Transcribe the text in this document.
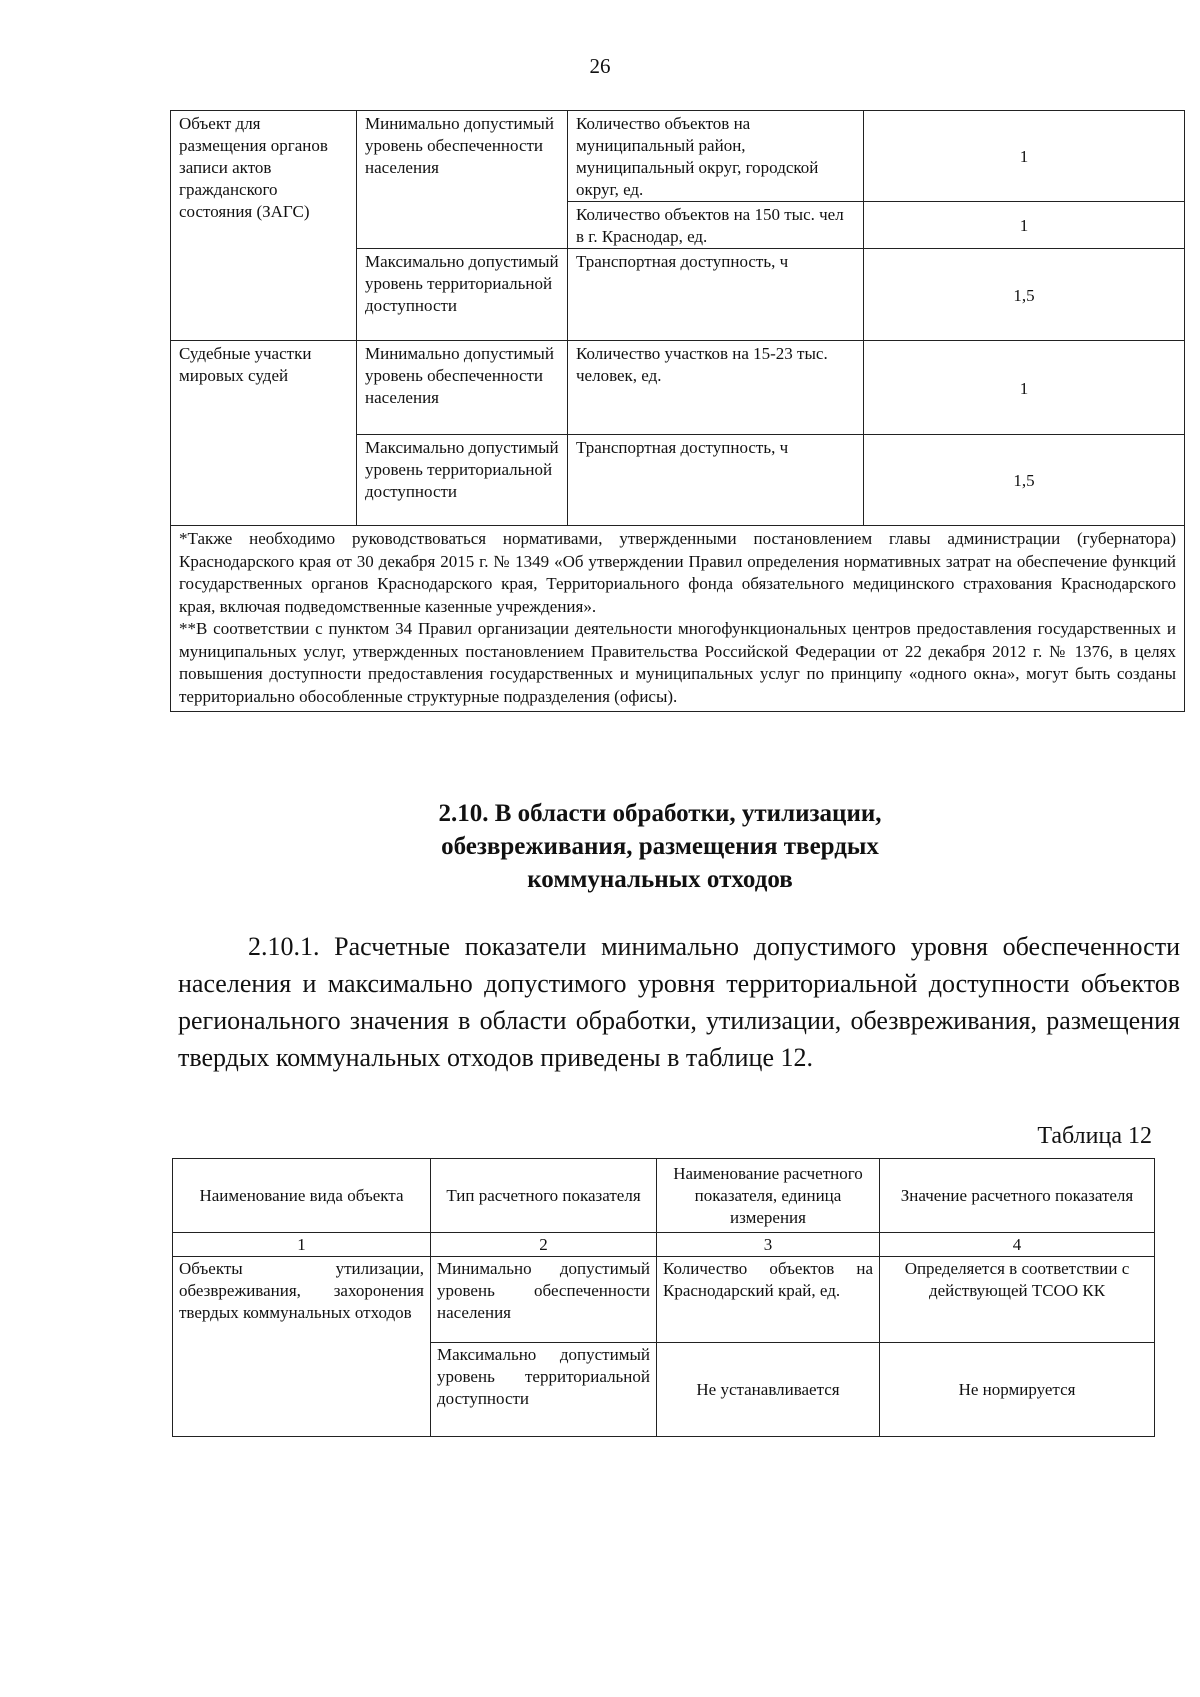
26
Объект для размещения органов записи актов гражданского состояния (ЗАГС)	Минимально допустимый уровень обеспеченности населения	Количество объектов на муниципальный район, муниципальный округ, городской округ, ед.	1
		Количество объектов на 150 тыс. чел в г. Краснодар, ед.	1
	Максимально допустимый уровень территориальной доступности	Транспортная доступность, ч	1,5
Судебные участки мировых судей	Минимально допустимый уровень обеспеченности населения	Количество участков на 15-23 тыс. человек, ед.	1
	Максимально допустимый уровень территориальной доступности	Транспортная доступность, ч	1,5

*Также необходимо руководствоваться нормативами, утвержденными постановлением главы администрации (губернатора) Краснодарского края от 30 декабря 2015 г. № 1349 «Об утверждении Правил определения нормативных затрат на обеспечение функций государственных органов Краснодарского края, Территориального фонда обязательного медицинского страхования Краснодарского края, включая подведомственные казенные учреждения».

**В соответствии с пунктом 34 Правил организации деятельности многофункциональных центров предоставления государственных и муниципальных услуг, утвержденных постановлением Правительства Российской Федерации от 22 декабря 2012 г. № 1376, в целях повышения доступности предоставления государственных и муниципальных услуг по принципу «одного окна», могут быть созданы территориально обособленные структурные подразделения (офисы).			

2.10. В области обработки, утилизации,
обезвреживания, размещения твердых
коммунальных отходов

2.10.1. Расчетные показатели минимально допустимого уровня обеспеченности населения и максимально допустимого уровня территориальной доступности объектов регионального значения в области обработки, утилизации, обезвреживания, размещения твердых коммунальных отходов приведены в таблице 12.

Таблица 12
Наименование вида объекта	Тип расчетного показателя	Наименование расчетного показателя, единица измерения	Значение расчетного показателя
1	2	3	4
Объекты утилизации, обезвреживания, захоронения твердых коммунальных отходов	Минимально допустимый уровень обеспеченности населения	Количество объектов на Краснодарский край, ед.	Определяется в соответствии с действующей ТСОО КК
	Максимально допустимый уровень территориальной доступности	Не устанавливается	Не нормируется
